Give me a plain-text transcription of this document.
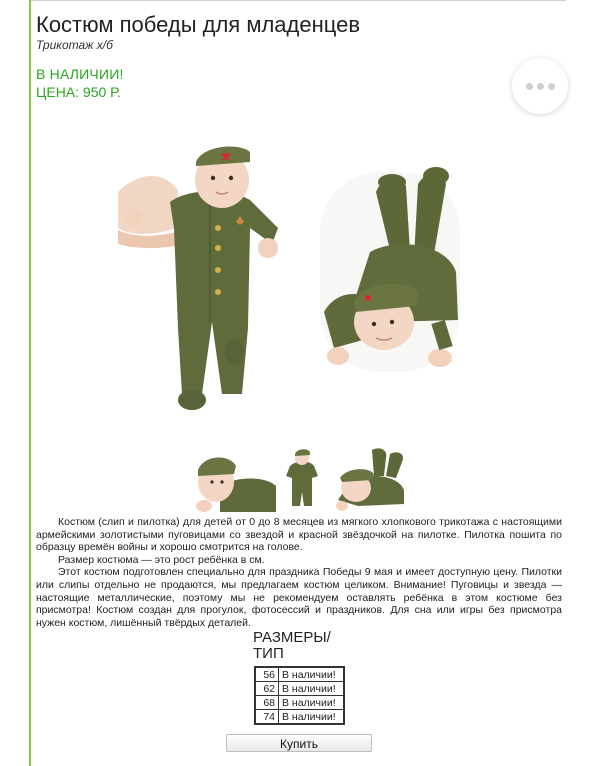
Костюм победы для младенцев
Трикотаж х/б
В НАЛИЧИИ!
ЦЕНА: 950 Р.

Костюм (слип и пилотка) для детей от 0 до 8 месяцев из мягкого хлопкового трикотажа с настоящими армейскими золотистыми пуговицами со звездой и красной звёздочкой на пилотке. Пилотка пошита по образцу времён войны и хорошо смотрится на голове.

Размер костюма — это рост ребёнка в см.

Этот костюм подготовлен специально для праздника Победы 9 мая и имеет доступную цену. Пилотки или слипы отдельно не продаются, мы предлагаем костюм целиком. Внимание! Пуговицы и звезда — настоящие металлические, поэтому мы не рекомендуем оставлять ребёнка в этом костюме без присмотра! Костюм создан для прогулок, фотосессий и праздников. Для сна или игры без присмотра нужен костюм, лишённый твёрдых деталей.

РАЗМЕРЫ/
ТИП
56	В наличии!
62	В наличии!
68	В наличии!
74	В наличии!
Купить
